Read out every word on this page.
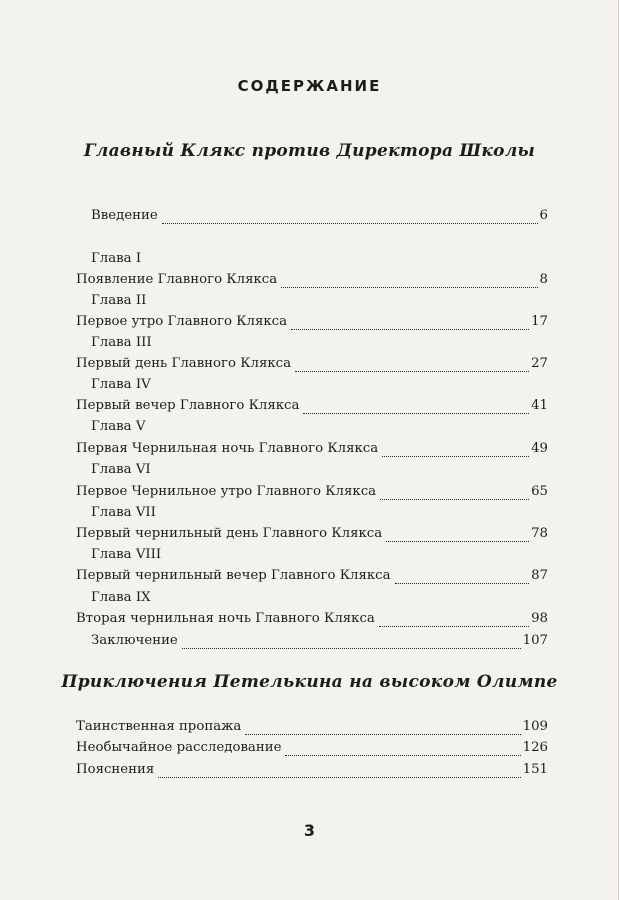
СОДЕРЖАНИЕ
Главный Клякс против Директора Школы
Введение	6
Глава I
Появление Главного Клякса	8
Глава II
Первое утро Главного Клякса	17
Глава III
Первый день Главного Клякса	27
Глава IV
Первый вечер Главного Клякса	41
Глава V
Первая Чернильная ночь Главного Клякса	49
Глава VI
Первое Чернильное утро Главного Клякса	65
Глава VII
Первый чернильный день Главного Клякса	78
Глава VIII
Первый чернильный вечер Главного Клякса	87
Глава IX
Вторая чернильная ночь Главного Клякса	98
Заключение	107
Приключения Петелькина на высоком Олимпе
Таинственная пропажа	109
Необычайное расследование	126
Пояснения	151
3
